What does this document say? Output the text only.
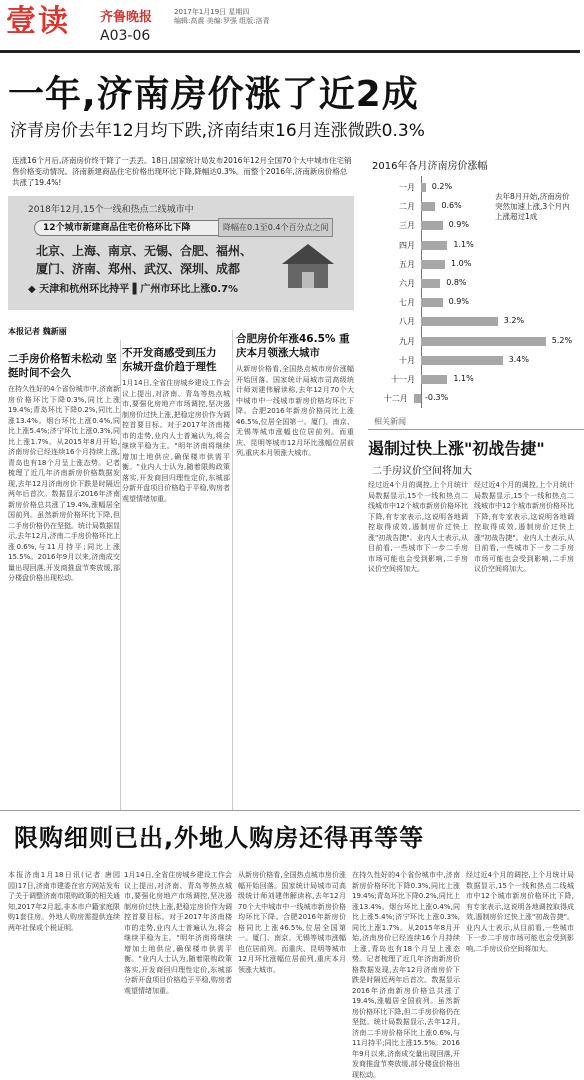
壹读 齐鲁晚报	2017年1月19日 星期四
编辑:高震 美编:罗强 组版:洛青
A03-06
一年,济南房价涨了近2成
济青房价去年12月均下跌,济南结束16月连涨微跌0.3%
连涨16个月后,济南房价终于降了一丢丢。18日,国家统计局发布2016年12月全国70个大中城市住宅销售价格变动情况。济南新建商品住宅价格出现环比下降,降幅达0.3%。而整个2016年,济南新房价格总共涨了19.4%!
2018年12月,15个一线和热点二线城市中
12个城市新建商品住宅价格环比下降	降幅在0.1至0.4个百分点之间
北京、上海、南京、无锡、合肥、福州、
厦门、济南、郑州、武汉、深圳、成都
◆ 天津和杭州环比持平 ▌广州市环比上涨0.7%
2016年各月济南房价涨幅
去年8月开始,济南房价突然加速上涨,3个月内上涨超过1成
一月 0.2%
二月	0.6%
三月	0.9%
四月	1.1%
五月	1.0%
六月	0.8%
七月	0.9%
八月	3.2%
九月	5.2%
十月	3.4%
十一月	1.1%
十二月 -0.3%
相关新闻
遏制过快上涨"初战告捷"
二手房议价空间将加大
本报记者 魏新丽
二手房价格暂未松动 坚挺时间不会久
在持久性好的4个省份城市中,济南新房价格环比下降0.3%,同比上涨19.4%;青岛环比下降0.2%,同比上涨13.4%。烟台环比上涨0.4%,同比上涨5.4%;济宁环比上涨0.3%,同比上涨1.7%。从2015年8月开始,济南房价已经连续16个月持续上涨,青岛也有18个月呈上涨态势。记者梳理了近几年济南新房价格数据发现,去年12月济南房价下跌是时隔近两年后首次。数据显示2016年济南新房价格总共涨了19.4%,涨幅居全国前列。虽然新房价格环比下降,但二手房价格仍在坚挺。统计局数据显示,去年12月,济南二手房价格环比上涨0.6%,与11月持平;同比上涨15.5%。2016年9月以来,济南成交量出现回落,开发商推盘节奏放缓,部分楼盘价格出现松动。
不开发商感受到压力 东城开盘价趋于理性
1月14日,全省住房城乡建设工作会议上提出,对济南、青岛等热点城市,要强化房地产市场调控,坚决遏制房价过快上涨,把稳定房价作为调控首要目标。对于2017年济南楼市的走势,业内人士普遍认为,将会继续平稳为主。"明年济南将继续增加土地供应,确保楼市供需平衡。"业内人士认为,随着限购政策落实,开发商回归理性定价,东城部分新开盘项目价格趋于平稳,购房者观望情绪加重。
合肥房价年涨46.5% 重庆本月领涨大城市
从新房价格看,全国热点城市房价涨幅开始回落。国家统计局城市司高级统计师刘建伟解读称,去年12月70个大中城市中一线城市新房价格均环比下降。合肥2016年新房价格同比上涨46.5%,位居全国第一。厦门、南京、无锡等城市涨幅也位居前列。而重庆、昆明等城市12月环比涨幅位居前列,重庆本月领涨大城市。
经过近4个月的调控,上个月统计局数据显示,15个一线和热点二线城市中12个城市新房价格环比下降,有专家表示,这说明各地调控取得成效,遏制房价过快上涨"初战告捷"。业内人士表示,从目前看,一些城市下一步二手房市场可能也会受到影响,二手房议价空间将加大。
经过近4个月的调控,上个月统计局数据显示,15个一线和热点二线城市中12个城市新房价格环比下降,有专家表示,这说明各地调控取得成效,遏制房价过快上涨"初战告捷"。业内人士表示,从目前看,一些城市下一步二手房市场可能也会受到影响,二手房议价空间将加大。
限购细则已出,外地人购房还得再等等
本报济南1月18日讯(记者 唐园园)17日,济南市建委在官方网站发布了关于调整济南市限购政策的相关通知,2017年2月起,非本市户籍家庭限购1套住房。外地人购房需提供连续两年社保或个税证明。
1月14日,全省住房城乡建设工作会议上提出,对济南、青岛等热点城市,要强化房地产市场调控,坚决遏制房价过快上涨,把稳定房价作为调控首要目标。对于2017年济南楼市的走势,业内人士普遍认为,将会继续平稳为主。"明年济南将继续增加土地供应,确保楼市供需平衡。"业内人士认为,随着限购政策落实,开发商回归理性定价,东城部分新开盘项目价格趋于平稳,购房者观望情绪加重。
从新房价格看,全国热点城市房价涨幅开始回落。国家统计局城市司高级统计师刘建伟解读称,去年12月70个大中城市中一线城市新房价格均环比下降。合肥2016年新房价格同比上涨46.5%,位居全国第一。厦门、南京、无锡等城市涨幅也位居前列。而重庆、昆明等城市12月环比涨幅位居前列,重庆本月领涨大城市。
在持久性好的4个省份城市中,济南新房价格环比下降0.3%,同比上涨19.4%;青岛环比下降0.2%,同比上涨13.4%。烟台环比上涨0.4%,同比上涨5.4%;济宁环比上涨0.3%,同比上涨1.7%。从2015年8月开始,济南房价已经连续16个月持续上涨,青岛也有18个月呈上涨态势。记者梳理了近几年济南新房价格数据发现,去年12月济南房价下跌是时隔近两年后首次。数据显示2016年济南新房价格总共涨了19.4%,涨幅居全国前列。虽然新房价格环比下降,但二手房价格仍在坚挺。统计局数据显示,去年12月,济南二手房价格环比上涨0.6%,与11月持平;同比上涨15.5%。2016年9月以来,济南成交量出现回落,开发商推盘节奏放缓,部分楼盘价格出现松动。
经过近4个月的调控,上个月统计局数据显示,15个一线和热点二线城市中12个城市新房价格环比下降,有专家表示,这说明各地调控取得成效,遏制房价过快上涨"初战告捷"。业内人士表示,从目前看,一些城市下一步二手房市场可能也会受到影响,二手房议价空间将加大。
